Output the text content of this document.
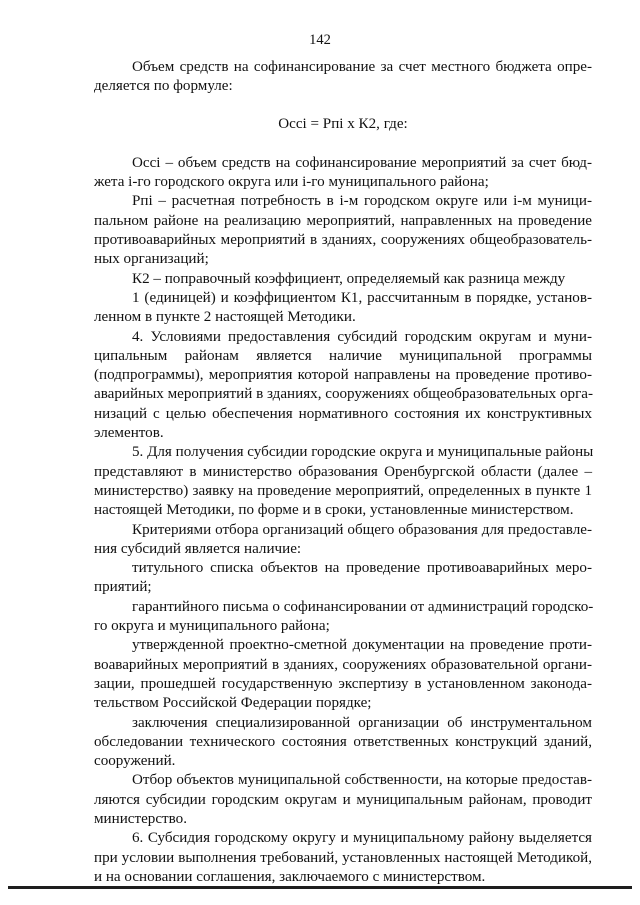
142
Объем средств на софинансирование за счет местного бюджета опре-
деляется по формуле:
Оссi = Рпi х К2, где:
Оссi – объем средств на софинансирование мероприятий за счет бюд-
жета i-го городского округа или i-го муниципального района;
Рпi – расчетная потребность в i-м городском округе или i-м муници-
пальном районе на реализацию мероприятий, направленных на проведение
противоаварийных мероприятий в зданиях, сооружениях общеобразователь-
ных организаций;
К2 – поправочный коэффициент, определяемый как разница между
1 (единицей) и коэффициентом К1, рассчитанным в порядке, установ-
ленном в пункте 2 настоящей Методики.
4. Условиями предоставления субсидий городским округам и муни-
ципальным районам является наличие муниципальной программы
(подпрограммы), мероприятия которой направлены на проведение противо-
аварийных мероприятий в зданиях, сооружениях общеобразовательных орга-
низаций с целью обеспечения нормативного состояния их конструктивных
элементов.
5. Для получения субсидии городские округа и муниципальные районы
представляют в министерство образования Оренбургской области (далее –
министерство) заявку на проведение мероприятий, определенных в пункте 1
настоящей Методики, по форме и в сроки, установленные министерством.
Критериями отбора организаций общего образования для предоставле-
ния субсидий является наличие:
титульного списка объектов на проведение противоаварийных меро-
приятий;
гарантийного письма о софинансировании от администраций городско-
го округа и муниципального района;
утвержденной проектно-сметной документации на проведение проти-
воаварийных мероприятий в зданиях, сооружениях образовательной органи-
зации, прошедшей государственную экспертизу в установленном законода-
тельством Российской Федерации порядке;
заключения специализированной организации об инструментальном
обследовании технического состояния ответственных конструкций зданий,
сооружений.
Отбор объектов муниципальной собственности, на которые предостав-
ляются субсидии городским округам и муниципальным районам, проводит
министерство.
6. Субсидия городскому округу и муниципальному району выделяется
при условии выполнения требований, установленных настоящей Методикой,
и на основании соглашения, заключаемого с министерством.
